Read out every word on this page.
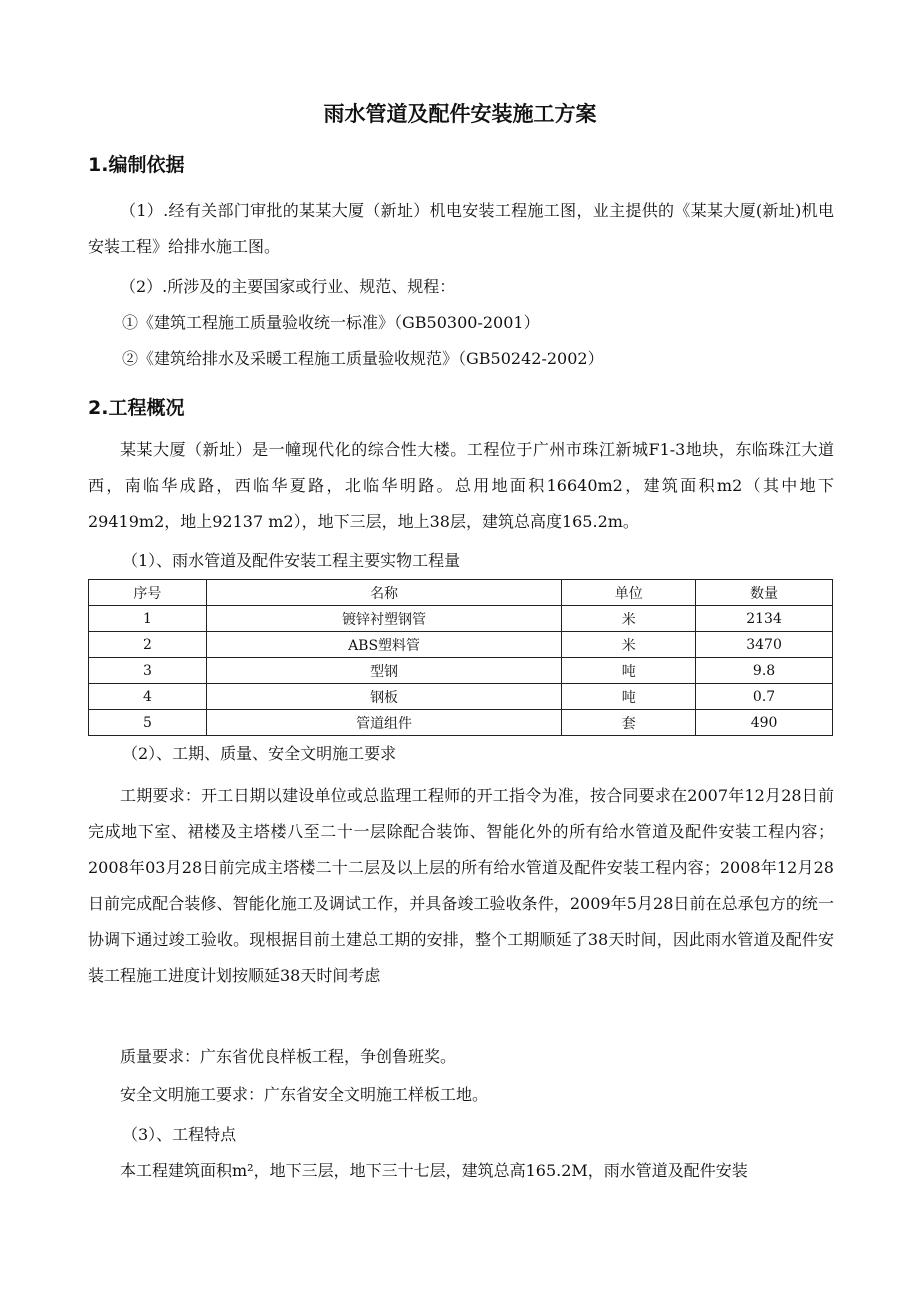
雨水管道及配件安装施工方案
1.编制依据

（1）.经有关部门审批的某某大厦（新址）机电安装工程施工图，业主提供的《某某大厦(新址)机电安装工程》给排水施工图。

（2）.所涉及的主要国家或行业、规范、规程：

①《建筑工程施工质量验收统一标准》（GB50300-2001）
②《建筑给排水及采暖工程施工质量验收规范》（GB50242-2002）
2.工程概况

某某大厦（新址）是一幢现代化的综合性大楼。工程位于广州市珠江新城F1-3地块，东临珠江大道西，南临华成路，西临华夏路，北临华明路。总用地面积16640m2，建筑面积m2（其中地下29419m2，地上92137 m2），地下三层，地上38层，建筑总高度165.2m。

（1）、雨水管道及配件安装工程主要实物工程量
序号	名称	单位	数量
1	镀锌衬塑钢管	米	2134
2	ABS塑料管	米	3470
3	型钢	吨	9.8
4	钢板	吨	0.7
5	管道组件	套	490
（2）、工期、质量、安全文明施工要求

工期要求：开工日期以建设单位或总监理工程师的开工指令为准，按合同要求在2007年12月28日前完成地下室、裙楼及主塔楼八至二十一层除配合装饰、智能化外的所有给水管道及配件安装工程内容；2008年03月28日前完成主塔楼二十二层及以上层的所有给水管道及配件安装工程内容；2008年12月28日前完成配合装修、智能化施工及调试工作，并具备竣工验收条件，2009年5月28日前在总承包方的统一协调下通过竣工验收。现根据目前土建总工期的安排，整个工期顺延了38天时间，因此雨水管道及配件安装工程施工进度计划按顺延38天时间考虑

质量要求：广东省优良样板工程，争创鲁班奖。

安全文明施工要求：广东省安全文明施工样板工地。

（3）、工程特点

本工程建筑面积m²，地下三层，地下三十七层，建筑总高165.2M，雨水管道及配件安装
